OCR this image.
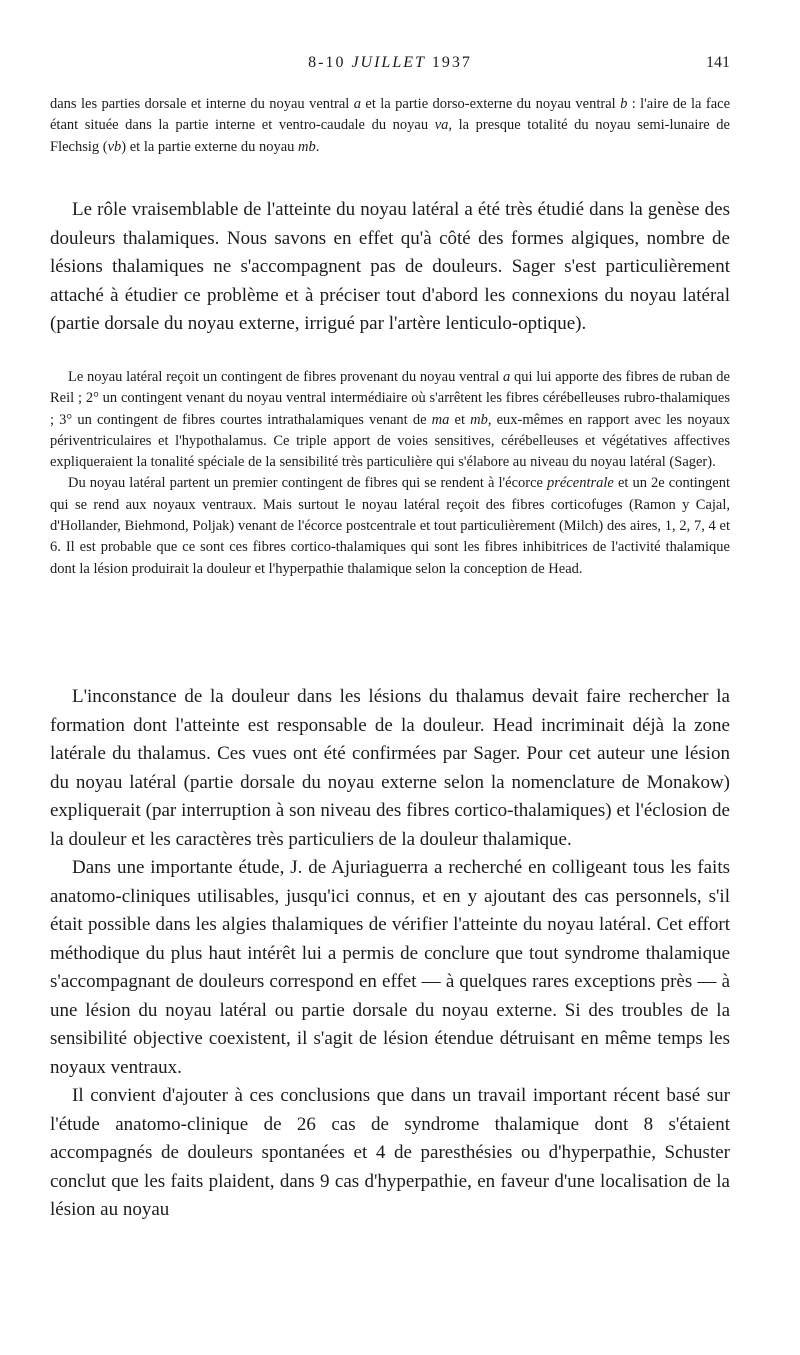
8-10 JUILLET 1937	141

dans les parties dorsale et interne du noyau ventral a et la partie dorso-externe du noyau ventral b : l'aire de la face étant située dans la partie interne et ventro-caudale du noyau va, la presque totalité du noyau semi-lunaire de Flechsig (vb) et la partie externe du noyau mb.

Le rôle vraisemblable de l'atteinte du noyau latéral a été très étudié dans la genèse des douleurs thalamiques. Nous savons en effet qu'à côté des formes algiques, nombre de lésions thalamiques ne s'accompagnent pas de douleurs. Sager s'est particulièrement attaché à étudier ce problème et à préciser tout d'abord les connexions du noyau latéral (partie dorsale du noyau externe, irrigué par l'artère lenticulo-optique).

Le noyau latéral reçoit un contingent de fibres provenant du noyau ventral a qui lui apporte des fibres de ruban de Reil ; 2° un contingent venant du noyau ventral intermédiaire où s'arrêtent les fibres cérébelleuses rubro-thalamiques ; 3° un contingent de fibres courtes intrathalamiques venant de ma et mb, eux-mêmes en rapport avec les noyaux périventriculaires et l'hypothalamus. Ce triple apport de voies sensitives, cérébelleuses et végétatives affectives expliqueraient la tonalité spéciale de la sensibilité très particulière qui s'élabore au niveau du noyau latéral (Sager).

Du noyau latéral partent un premier contingent de fibres qui se rendent à l'écorce précentrale et un 2e contingent qui se rend aux noyaux ventraux. Mais surtout le noyau latéral reçoit des fibres corticofuges (Ramon y Cajal, d'Hollander, Biehmond, Poljak) venant de l'écorce postcentrale et tout particulièrement (Milch) des aires, 1, 2, 7, 4 et 6. Il est probable que ce sont ces fibres cortico-thalamiques qui sont les fibres inhibitrices de l'activité thalamique dont la lésion produirait la douleur et l'hyperpathie thalamique selon la conception de Head.

L'inconstance de la douleur dans les lésions du thalamus devait faire rechercher la formation dont l'atteinte est responsable de la douleur. Head incriminait déjà la zone latérale du thalamus. Ces vues ont été confirmées par Sager. Pour cet auteur une lésion du noyau latéral (partie dorsale du noyau externe selon la nomenclature de Monakow) expliquerait (par interruption à son niveau des fibres cortico-thalamiques) et l'éclosion de la douleur et les caractères très particuliers de la douleur thalamique.

Dans une importante étude, J. de Ajuriaguerra a recherché en colligeant tous les faits anatomo-cliniques utilisables, jusqu'ici connus, et en y ajoutant des cas personnels, s'il était possible dans les algies thalamiques de vérifier l'atteinte du noyau latéral. Cet effort méthodique du plus haut intérêt lui a permis de conclure que tout syndrome thalamique s'accompagnant de douleurs correspond en effet — à quelques rares exceptions près — à une lésion du noyau latéral ou partie dorsale du noyau externe. Si des troubles de la sensibilité objective coexistent, il s'agit de lésion étendue détruisant en même temps les noyaux ventraux.

Il convient d'ajouter à ces conclusions que dans un travail important récent basé sur l'étude anatomo-clinique de 26 cas de syndrome thalamique dont 8 s'étaient accompagnés de douleurs spontanées et 4 de paresthésies ou d'hyperpathie, Schuster conclut que les faits plaident, dans 9 cas d'hyperpathie, en faveur d'une localisation de la lésion au noyau
